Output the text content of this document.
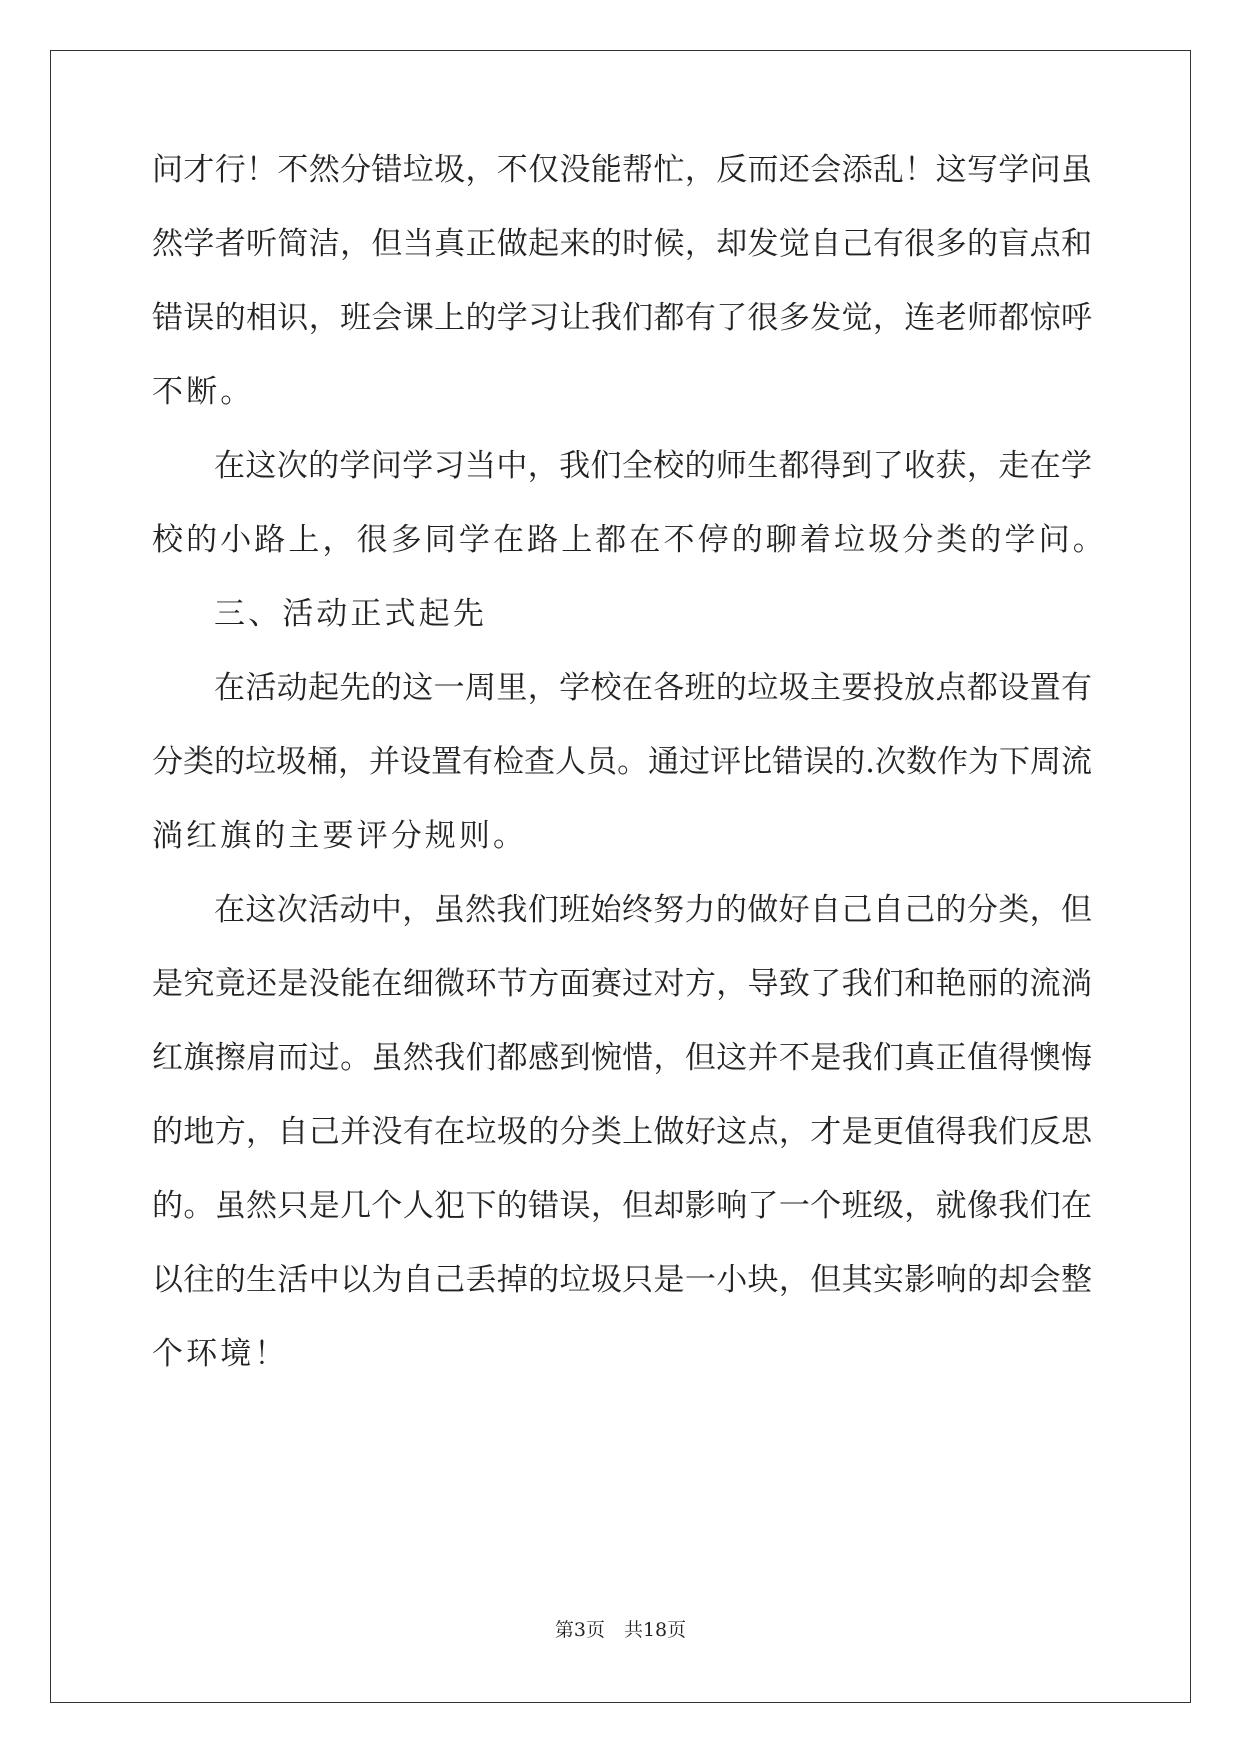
问才行！不然分错垃圾，不仅没能帮忙，反而还会添乱！这写学问虽
然学者听简洁，但当真正做起来的时候，却发觉自己有很多的盲点和
错误的相识，班会课上的学习让我们都有了很多发觉，连老师都惊呼
不断。
在这次的学问学习当中，我们全校的师生都得到了收获，走在学
校的小路上，很多同学在路上都在不停的聊着垃圾分类的学问。
三、活动正式起先
在活动起先的这一周里，学校在各班的垃圾主要投放点都设置有
分类的垃圾桶，并设置有检查人员。通过评比错误的.次数作为下周流
淌红旗的主要评分规则。
在这次活动中，虽然我们班始终努力的做好自己自己的分类，但
是究竟还是没能在细微环节方面赛过对方，导致了我们和艳丽的流淌
红旗擦肩而过。虽然我们都感到惋惜，但这并不是我们真正值得懊悔
的地方，自己并没有在垃圾的分类上做好这点，才是更值得我们反思
的。虽然只是几个人犯下的错误，但却影响了一个班级，就像我们在
以往的生活中以为自己丢掉的垃圾只是一小块，但其实影响的却会整
个环境！
第3页　共18页
